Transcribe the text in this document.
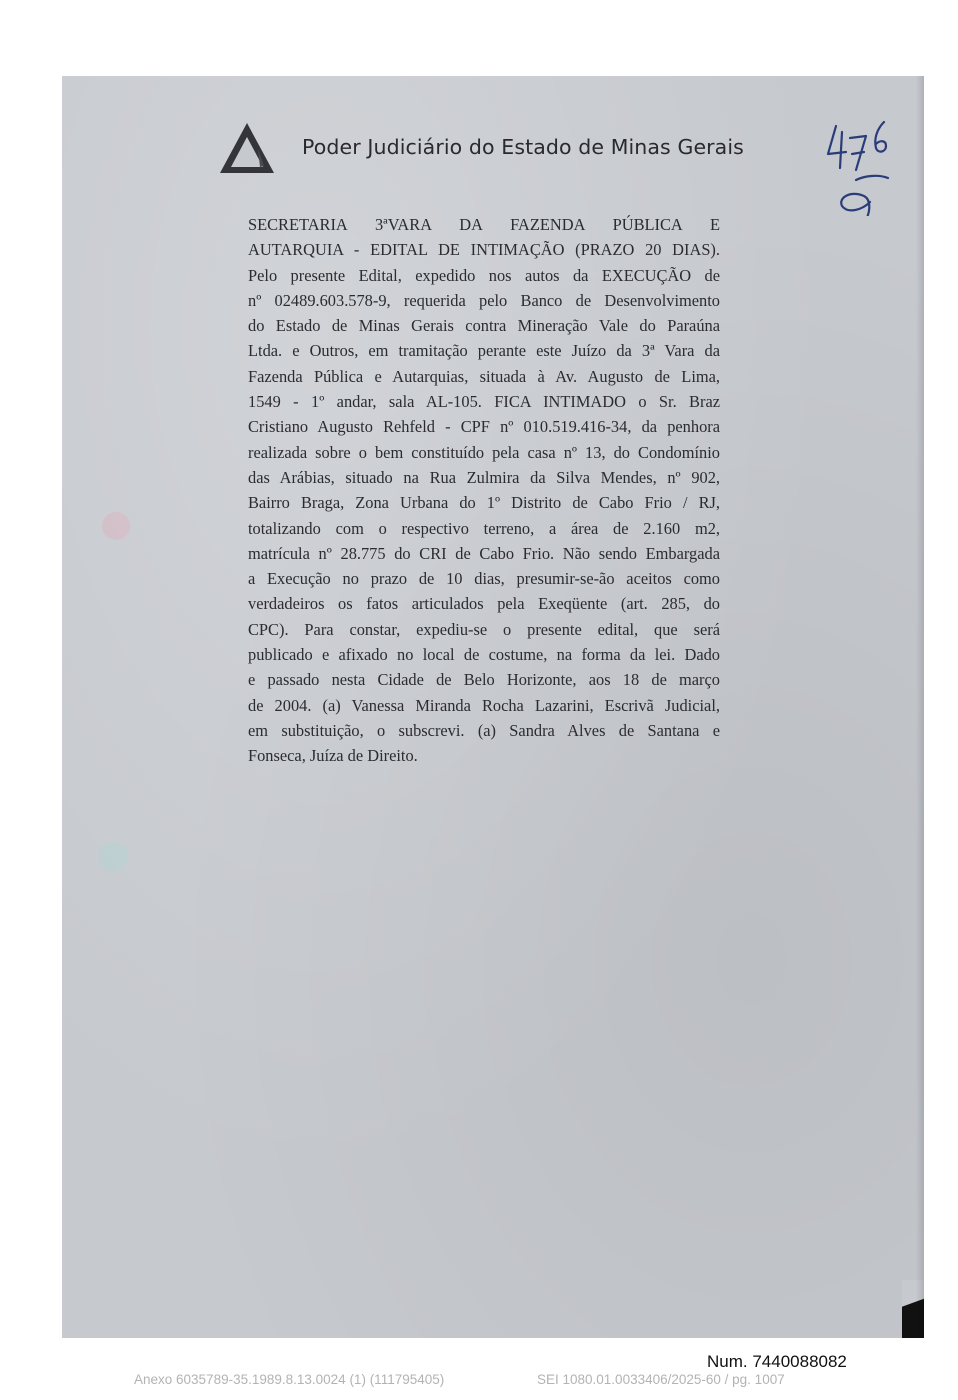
Poder Judiciário do Estado de Minas Gerais
SECRETARIA 3ªVARA DA FAZENDA PÚBLICA E
AUTARQUIA - EDITAL DE INTIMAÇÃO (PRAZO 20 DIAS).
Pelo presente Edital, expedido nos autos da EXECUÇÃO de
nº 02489.603.578-9, requerida pelo Banco de Desenvolvimento
do Estado de Minas Gerais contra Mineração Vale do Paraúna
Ltda. e Outros, em tramitação perante este Juízo da 3ª Vara da
Fazenda Pública e Autarquias, situada à Av. Augusto de Lima,
1549 - 1º andar, sala AL-105. FICA INTIMADO o Sr. Braz
Cristiano Augusto Rehfeld - CPF nº 010.519.416-34, da penhora
realizada sobre o bem constituído pela casa nº 13, do Condomínio
das Arábias, situado na Rua Zulmira da Silva Mendes, nº 902,
Bairro Braga, Zona Urbana do 1º Distrito de Cabo Frio / RJ,
totalizando com o respectivo terreno, a área de 2.160 m2,
matrícula nº 28.775 do CRI de Cabo Frio. Não sendo Embargada
a Execução no prazo de 10 dias, presumir-se-ão aceitos como
verdadeiros os fatos articulados pela Exeqüente (art. 285, do
CPC). Para constar, expediu-se o presente edital, que será
publicado e afixado no local de costume, na forma da lei. Dado
e passado nesta Cidade de Belo Horizonte, aos 18 de março
de 2004. (a) Vanessa Miranda Rocha Lazarini, Escrivã Judicial,
em substituição, o subscrevi. (a) Sandra Alves de Santana e
Fonseca, Juíza de Direito.
Num. 7440088082
Anexo 6035789-35.1989.8.13.0024 (1) (111795405)	SEI 1080.01.0033406/2025-60 / pg. 1007
